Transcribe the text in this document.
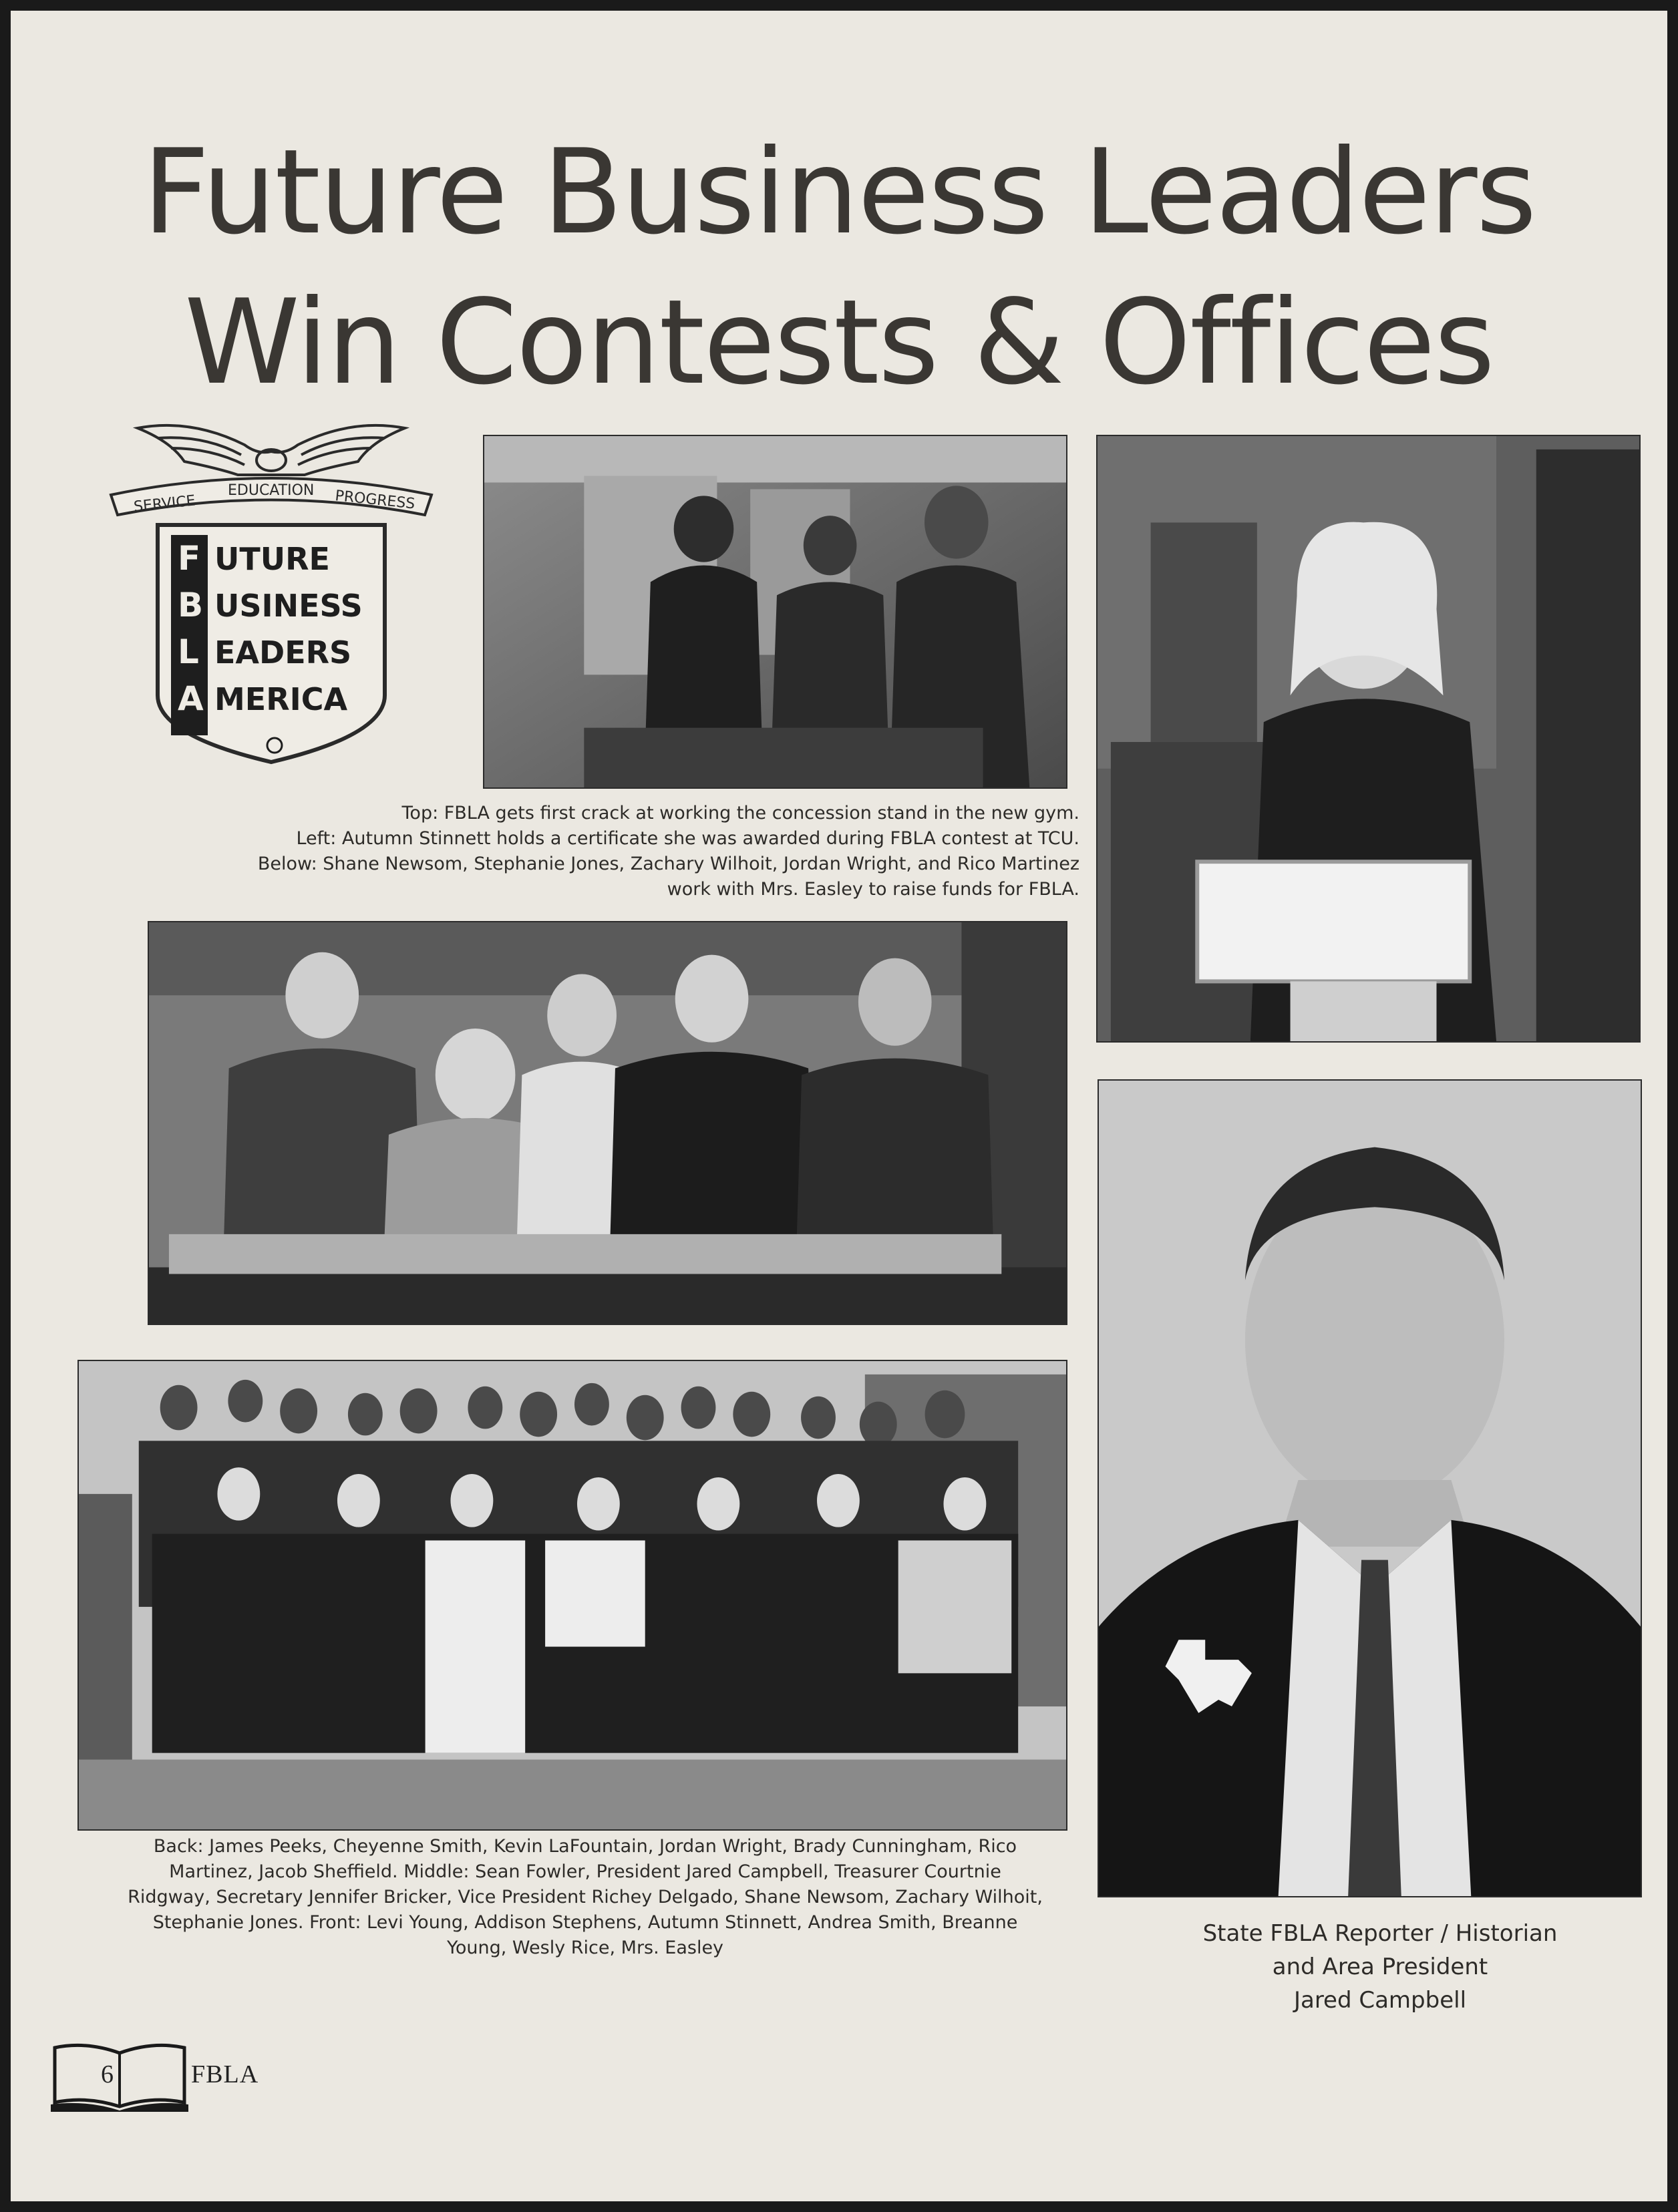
Future Business Leaders
Win Contests & Offices
SERVICE
EDUCATION PROGRESS
F
B
L
A
UTURE
USINESS
EADERS
MERICA
Top: FBLA gets first crack at working the concession stand in the new gym.
Left: Autumn Stinnett holds a certificate she was awarded during FBLA contest at TCU.
Below: Shane Newsom, Stephanie Jones, Zachary Wilhoit, Jordan Wright, and Rico Martinez
work with Mrs. Easley to raise funds for FBLA.
Back: James Peeks, Cheyenne Smith, Kevin LaFountain, Jordan Wright, Brady Cunningham, Rico
Martinez, Jacob Sheffield. Middle: Sean Fowler, President Jared Campbell, Treasurer Courtnie
Ridgway, Secretary Jennifer Bricker, Vice President Richey Delgado, Shane Newsom, Zachary Wilhoit,
Stephanie Jones. Front: Levi Young, Addison Stephens, Autumn Stinnett, Andrea Smith, Breanne
Young, Wesly Rice, Mrs. Easley
State FBLA Reporter / Historian
and Area President
Jared Campbell
6	FBLA
